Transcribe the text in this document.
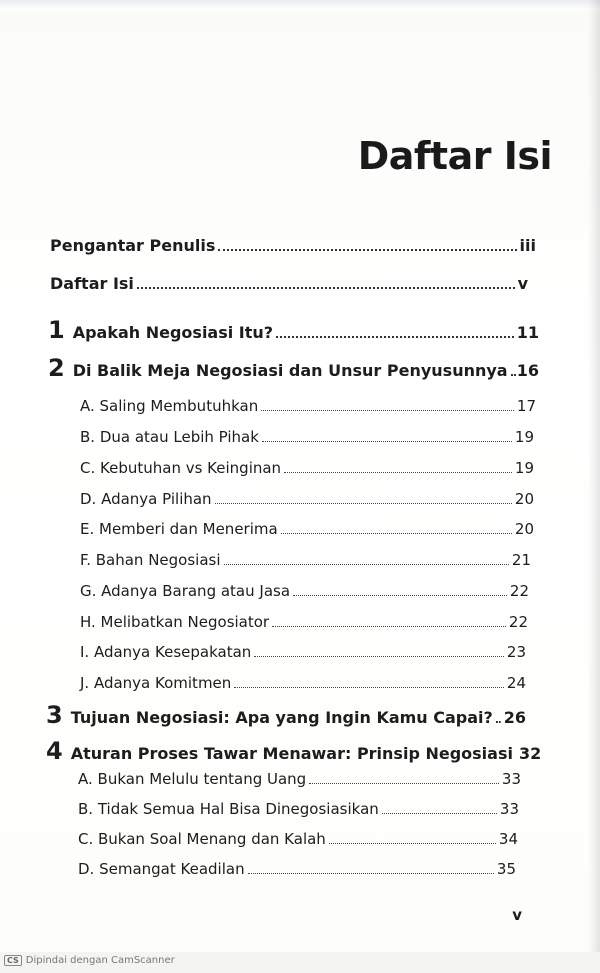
Daftar Isi
Pengantar Penulis	iii
Daftar Isi	v
1 Apakah Negosiasi Itu?	11
2 Di Balik Meja Negosiasi dan Unsur Penyusunnya 16
A. Saling Membutuhkan	17
B. Dua atau Lebih Pihak	19
C. Kebutuhan vs Keinginan	19
D. Adanya Pilihan	20
E. Memberi dan Menerima	20
F. Bahan Negosiasi	21
G. Adanya Barang atau Jasa	22
H. Melibatkan Negosiator	22
I. Adanya Kesepakatan	23
J. Adanya Komitmen	24
3 Tujuan Negosiasi: Apa yang Ingin Kamu Capai? 26
4 Aturan Proses Tawar Menawar: Prinsip Negosiasi 32
A. Bukan Melulu tentang Uang	33
B. Tidak Semua Hal Bisa Dinegosiasikan	33
C. Bukan Soal Menang dan Kalah	34
D. Semangat Keadilan	35
v
CS Dipindai dengan CamScanner
